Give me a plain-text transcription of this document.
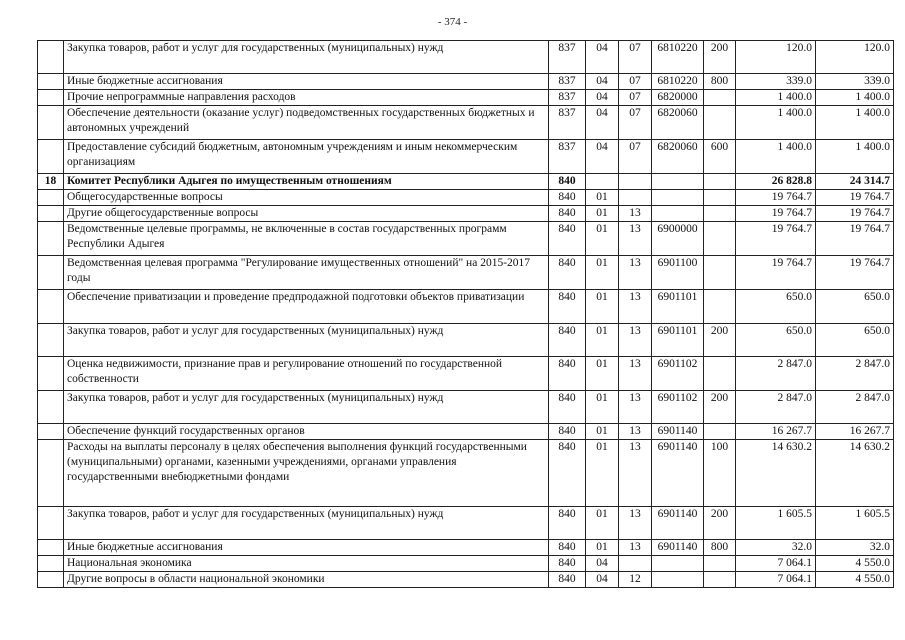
- 374 -
	Закупка товаров, работ и услуг для государственных (муниципальных) нужд	837	04	07	6810220	200	120.0	120.0
	Иные бюджетные ассигнования	837	04	07	6810220	800	339.0	339.0
	Прочие непрограммные направления расходов	837	04	07	6820000		1 400.0	1 400.0
	Обеспечение деятельности (оказание услуг) подведомственных государственных бюджетных и автономных учреждений	837	04	07	6820060		1 400.0	1 400.0
	Предоставление субсидий бюджетным, автономным учреждениям и иным некоммерческим организациям	837	04	07	6820060	600	1 400.0	1 400.0
18	Комитет Республики Адыгея по имущественным отношениям	840					26 828.8	24 314.7
	Общегосударственные вопросы	840	01				19 764.7	19 764.7
	Другие общегосударственные вопросы	840	01	13			19 764.7	19 764.7
	Ведомственные целевые программы, не включенные в состав государственных программ Республики Адыгея	840	01	13	6900000		19 764.7	19 764.7
	Ведомственная целевая программа "Регулирование имущественных отношений" на 2015-2017 годы	840	01	13	6901100		19 764.7	19 764.7
	Обеспечение приватизации и проведение предпродажной подготовки объектов приватизации	840	01	13	6901101		650.0	650.0
	Закупка товаров, работ и услуг для государственных (муниципальных) нужд	840	01	13	6901101	200	650.0	650.0
	Оценка недвижимости, признание прав и регулирование отношений по государственной собственности	840	01	13	6901102		2 847.0	2 847.0
	Закупка товаров, работ и услуг для государственных (муниципальных) нужд	840	01	13	6901102	200	2 847.0	2 847.0
	Обеспечение функций государственных органов	840	01	13	6901140		16 267.7	16 267.7
	Расходы на выплаты персоналу в целях обеспечения выполнения функций государственными (муниципальными) органами, казенными учреждениями, органами управления государственными внебюджетными фондами	840	01	13	6901140	100	14 630.2	14 630.2
	Закупка товаров, работ и услуг для государственных (муниципальных) нужд	840	01	13	6901140	200	1 605.5	1 605.5
	Иные бюджетные ассигнования	840	01	13	6901140	800	32.0	32.0
	Национальная экономика	840	04				7 064.1	4 550.0
	Другие вопросы в области национальной экономики	840	04	12			7 064.1	4 550.0
